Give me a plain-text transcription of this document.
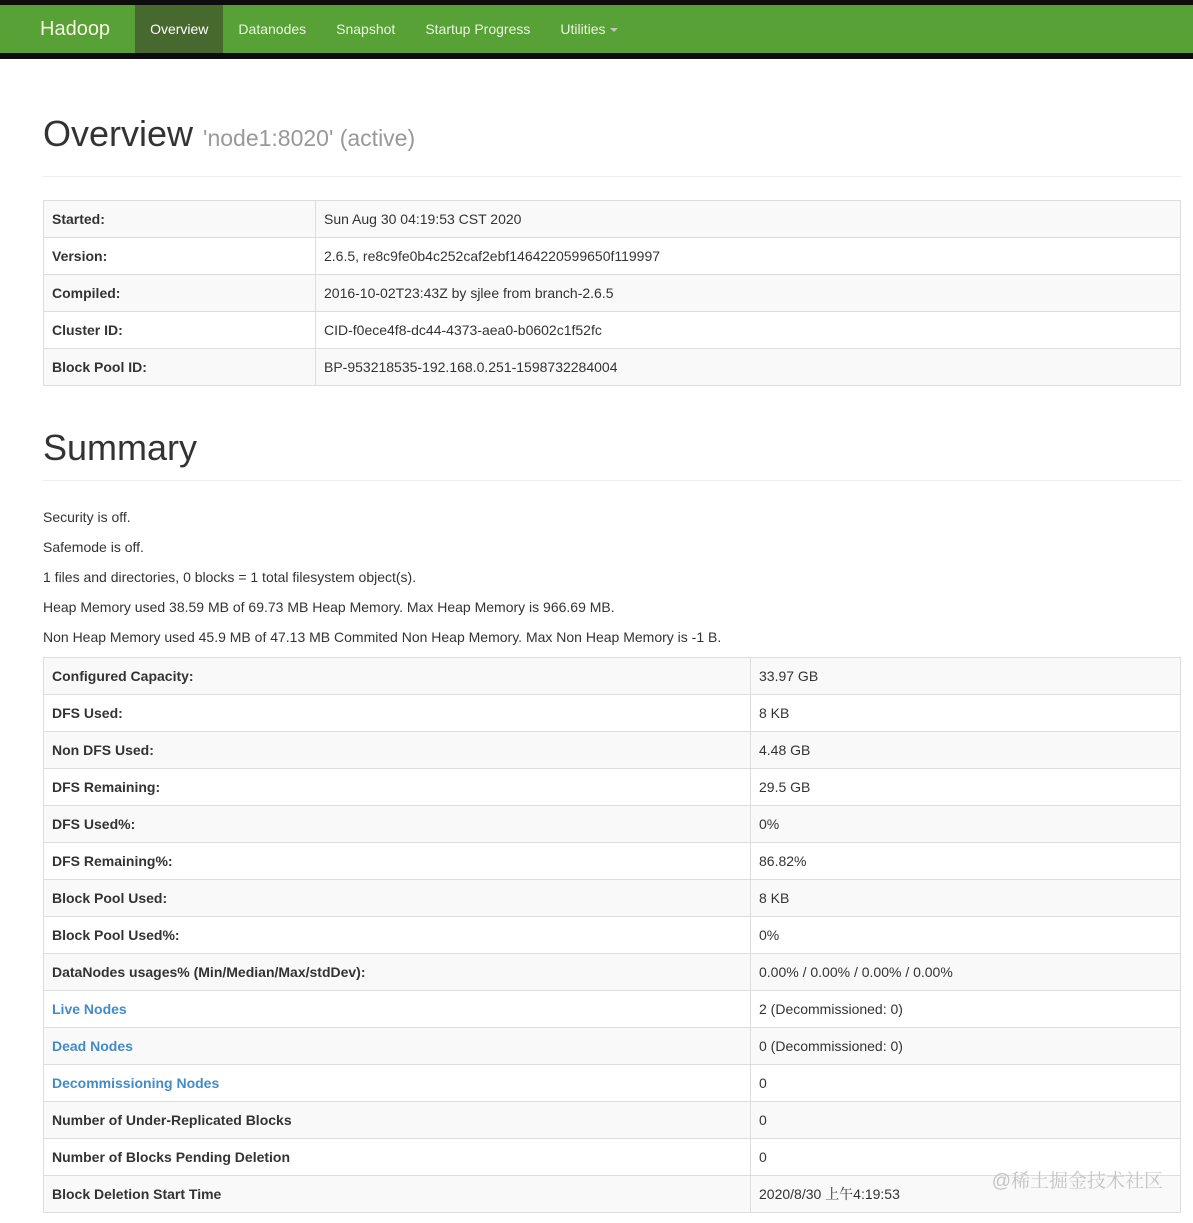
Hadoop	Overview	Datanodes	Snapshot	Startup Progress	Utilities
Overview 'node1:8020' (active)
Started:	Sun Aug 30 04:19:53 CST 2020
Version:	2.6.5, re8c9fe0b4c252caf2ebf1464220599650f119997
Compiled:	2016-10-02T23:43Z by sjlee from branch-2.6.5
Cluster ID:	CID-f0ece4f8-dc44-4373-aea0-b0602c1f52fc
Block Pool ID:	BP-953218535-192.168.0.251-1598732284004
Summary

Security is off.

Safemode is off.

1 files and directories, 0 blocks = 1 total filesystem object(s).

Heap Memory used 38.59 MB of 69.73 MB Heap Memory. Max Heap Memory is 966.69 MB.

Non Heap Memory used 45.9 MB of 47.13 MB Commited Non Heap Memory. Max Non Heap Memory is -1 B.

Configured Capacity:	33.97 GB
DFS Used:	8 KB
Non DFS Used:	4.48 GB
DFS Remaining:	29.5 GB
DFS Used%:	0%
DFS Remaining%:	86.82%
Block Pool Used:	8 KB
Block Pool Used%:	0%
DataNodes usages% (Min/Median/Max/stdDev):	0.00% / 0.00% / 0.00% / 0.00%
Live Nodes	2 (Decommissioned: 0)
Dead Nodes	0 (Decommissioned: 0)
Decommissioning Nodes	0
Number of Under-Replicated Blocks	0
Number of Blocks Pending Deletion	0
Block Deletion Start Time	2020/8/30 上午4:19:53
@稀土掘金技术社区
